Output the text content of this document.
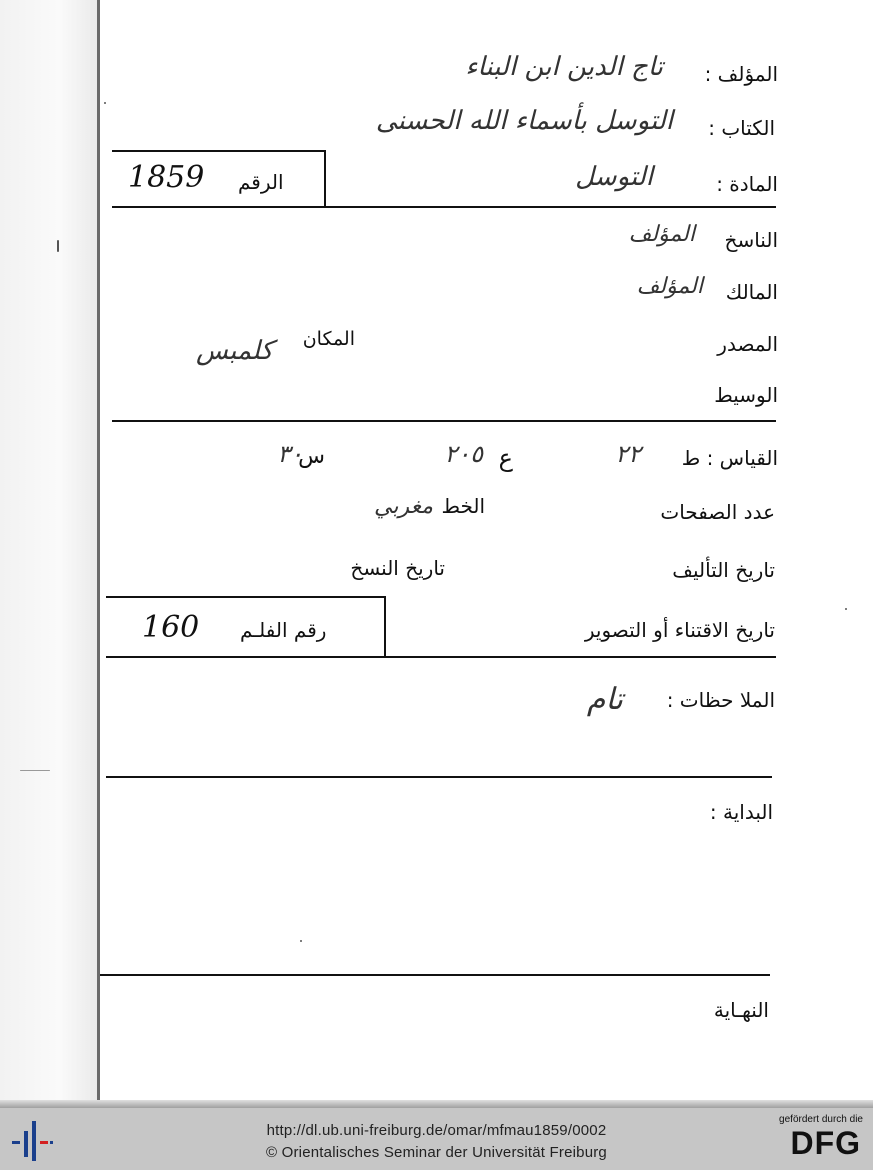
المؤلف :
تاج الدين ابن البناء
الكتاب :
التوسل بأسماء الله الحسنى
الرقم
1859	المادة :
التوسل
الناسخ
المؤلف
المالك
المؤلف
المصدر
المكان
كلمبس
الوسيط
القياس : ط
٢٢
ع
٢٠٥
س
٣٠
عدد الصفحات
الخط
مغربي
تاريخ التأليف
تاريخ النسخ
تاريخ الاقتناء أو التصوير
رقم الفلـم
160
الملا حظات :
تام
البداية :
النهـاية
http://dl.ub.uni-freiburg.de/omar/mfmau1859/0002
© Orientalisches Seminar der Universität Freiburg
gefördert durch die
DFG
